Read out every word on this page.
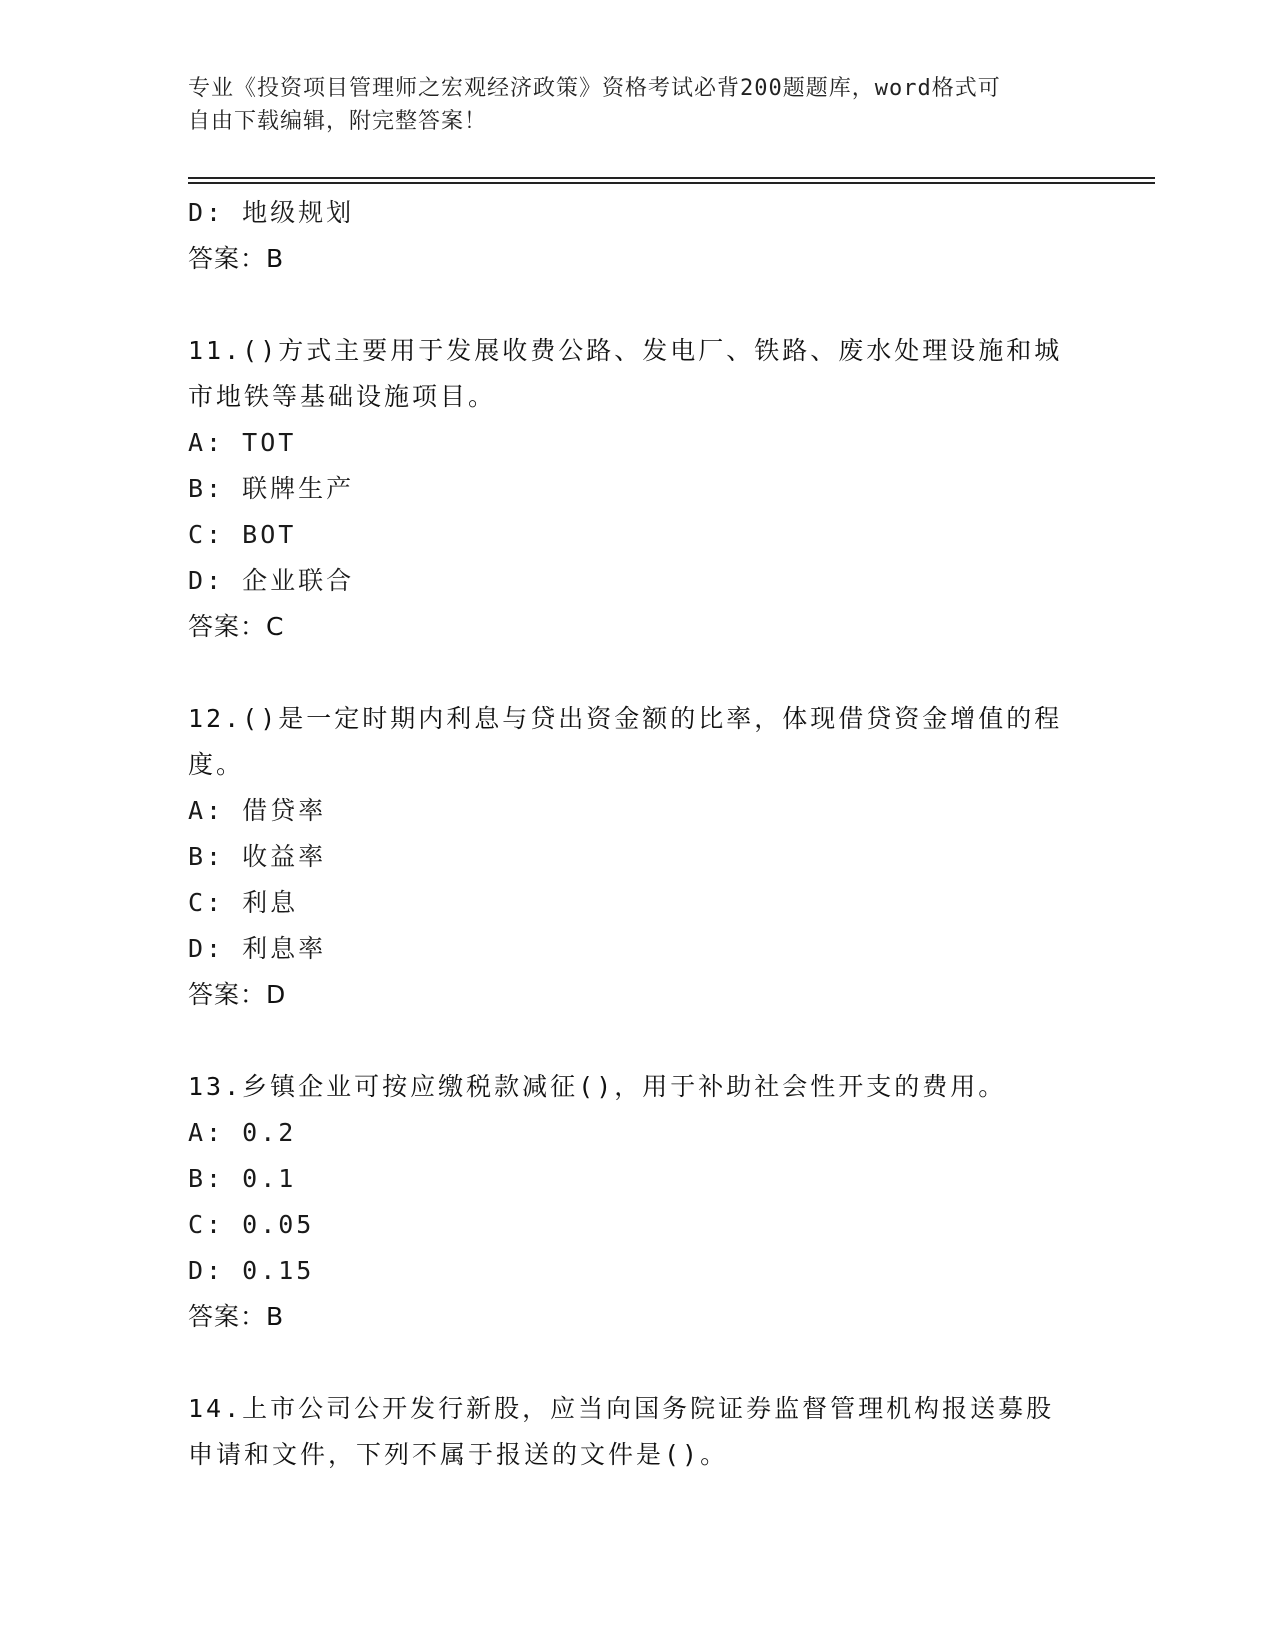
专业《投资项目管理师之宏观经济政策》资格考试必背200题题库，word格式可
自由下载编辑，附完整答案！
D: 地级规划
答案：B
11.()方式主要用于发展收费公路、发电厂、铁路、废水处理设施和城
市地铁等基础设施项目。
A: TOT
B: 联牌生产
C: BOT
D: 企业联合
答案：C
12.()是一定时期内利息与贷出资金额的比率，体现借贷资金增值的程
度。
A: 借贷率
B: 收益率
C: 利息
D: 利息率
答案：D
13.乡镇企业可按应缴税款减征()，用于补助社会性开支的费用。
A: 0.2
B: 0.1
C: 0.05
D: 0.15
答案：B
14.上市公司公开发行新股，应当向国务院证券监督管理机构报送募股
申请和文件，下列不属于报送的文件是()。
